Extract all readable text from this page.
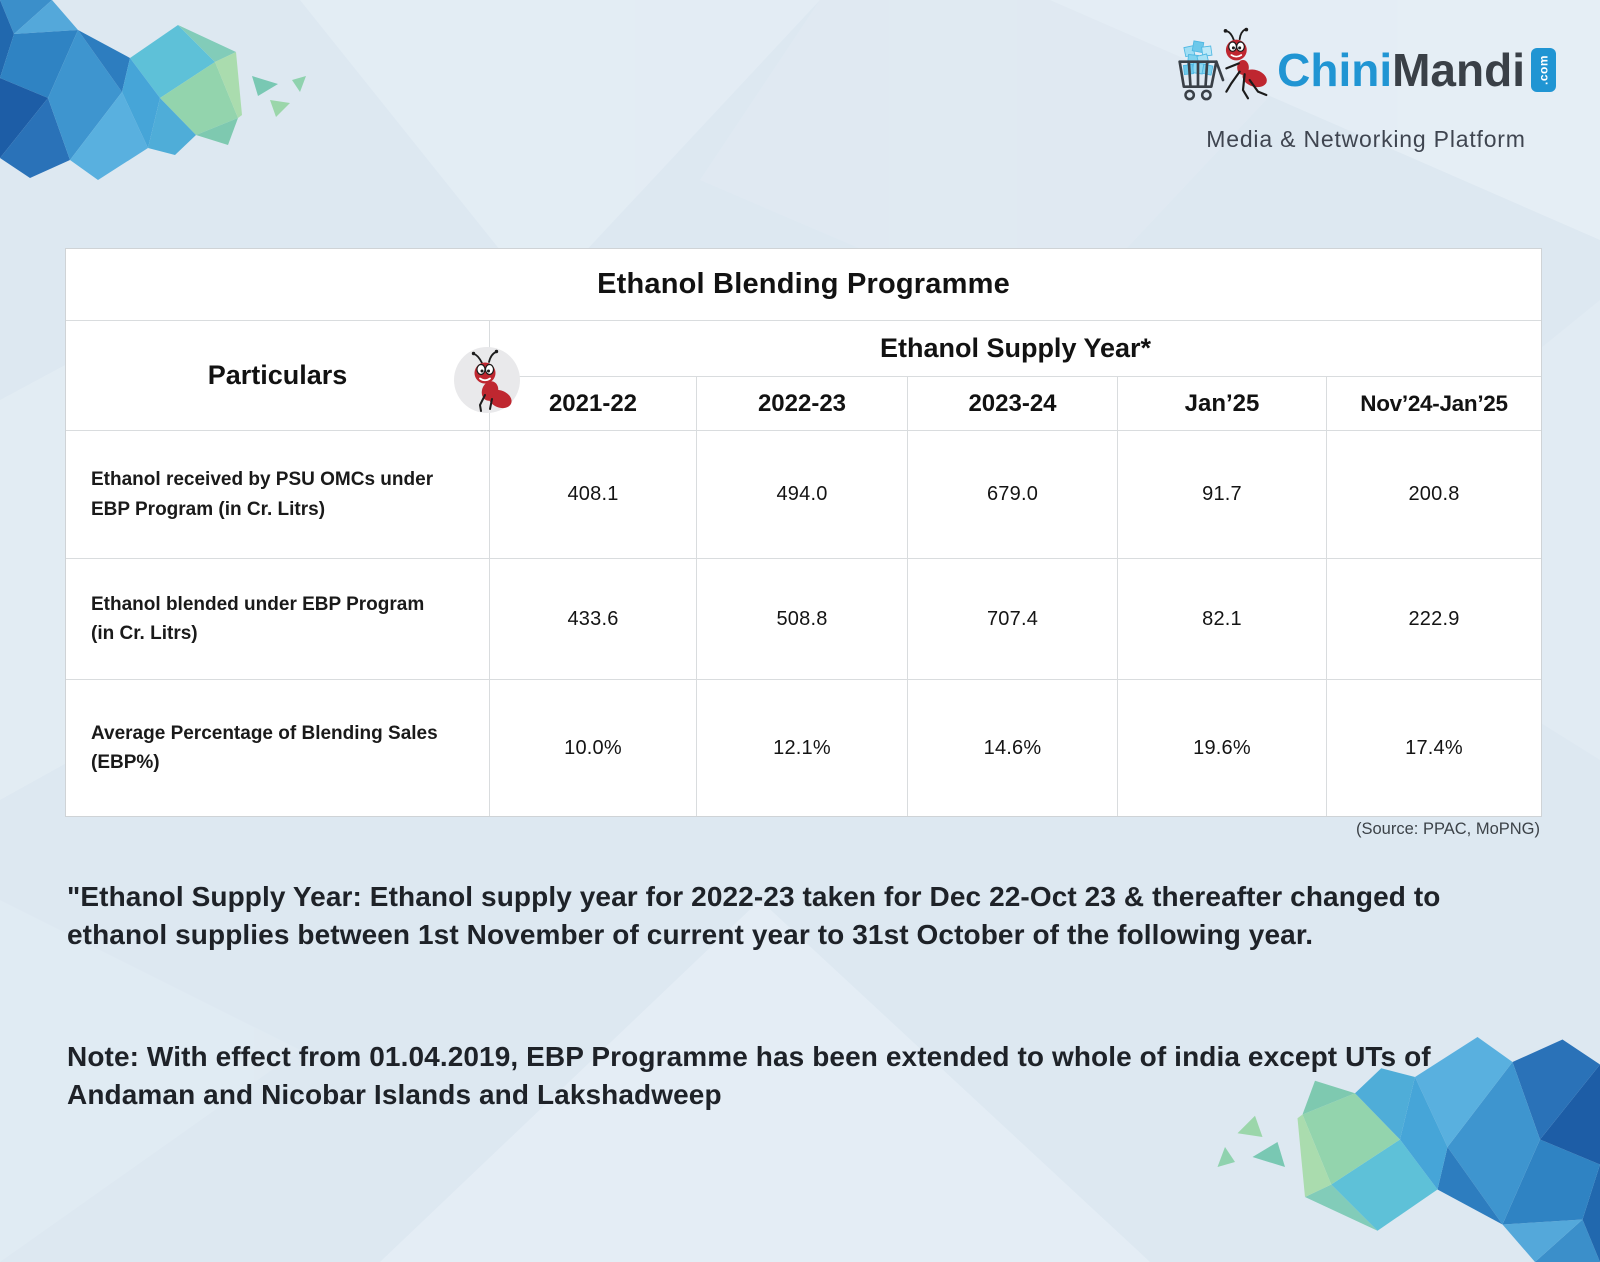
ChiniMandi .com
Media & Networking Platform
Ethanol Blending Programme
Particulars
Ethanol Supply Year*
2021-22	2022-23	2023-24	Jan’25	Nov’24-Jan’25
Ethanol received by PSU OMCs under EBP Program (in Cr. Litrs)
408.1	494.0	679.0	91.7	200.8
Ethanol blended under EBP Program (in Cr. Litrs)
433.6	508.8	707.4	82.1	222.9
Average Percentage of Blending Sales (EBP%)
10.0%	12.1%	14.6%	19.6%	17.4%
(Source: PPAC, MoPNG)

"Ethanol Supply Year: Ethanol supply year for 2022-23 taken for Dec 22-Oct 23 & thereafter changed to ethanol supplies between 1st November of current year to 31st October of the following year.

Note: With effect from 01.04.2019, EBP Programme has been extended to whole of india except UTs of Andaman and Nicobar Islands and Lakshadweep
